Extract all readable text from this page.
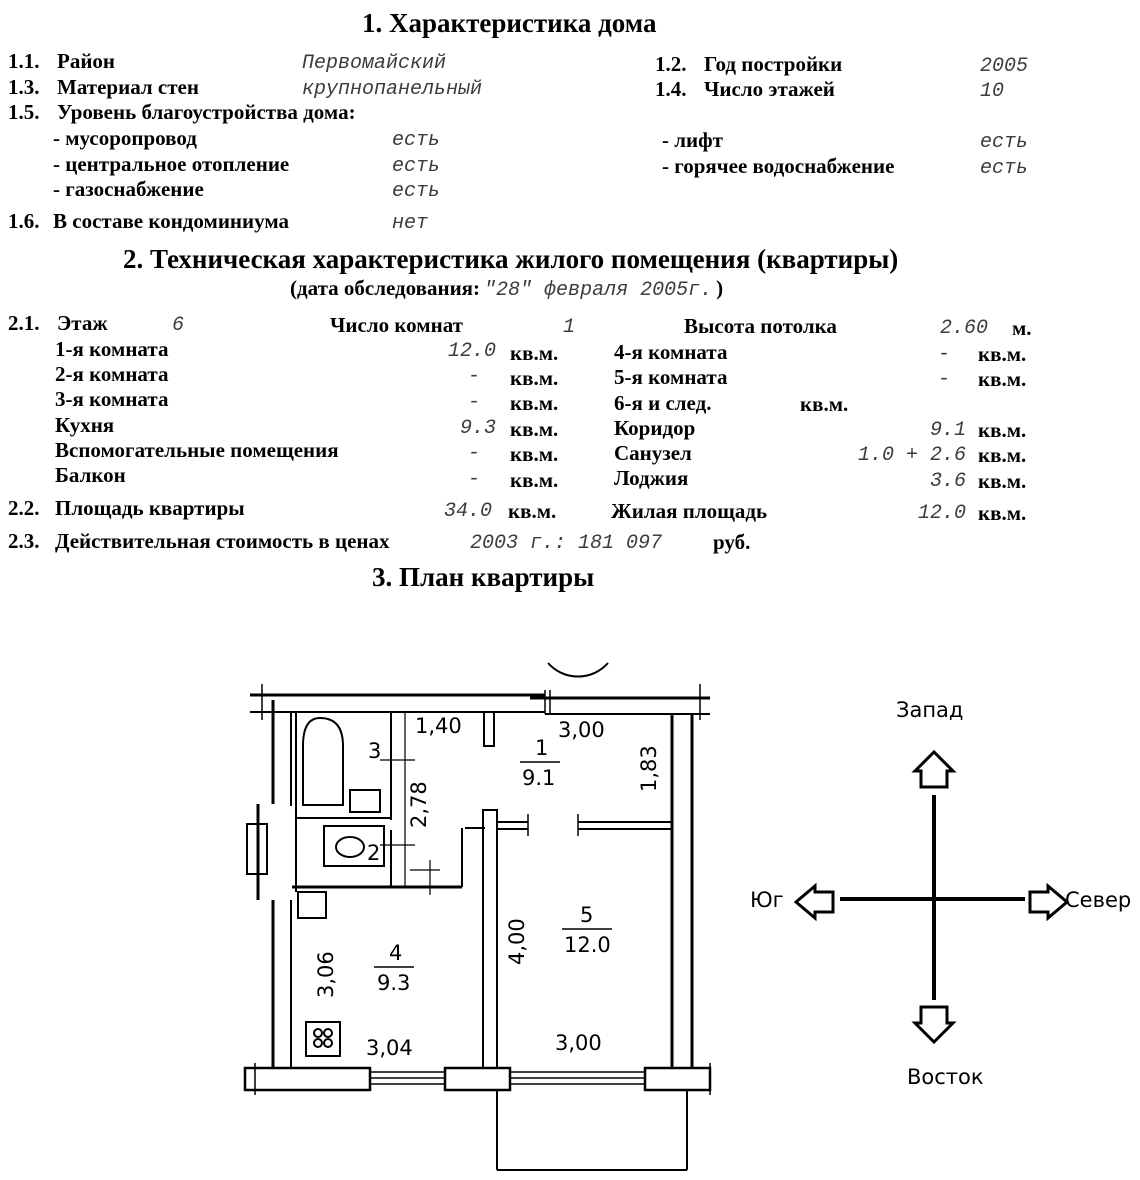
1. Характеристика дома
1.1. Район	Первомайский	1.2. Год постройки	2005
1.3. Материал стен	крупнопанельный	1.4. Число этажей	10
1.5. Уровень благоустройства дома:
- мусоропровод	есть	- лифт	есть
- центральное отопление	есть	- горячее водоснабжение	есть
- газоснабжение	есть
1.6. В составе кондоминиума	нет
2. Техническая характеристика жилого помещения (квартиры)
(дата обследования: "28" февраля 2005г. )
2.1. Этаж	6	Число комнат	1	Высота потолка	2.60 м.
1-я комната	12.0 кв.м.
2-я комната	- кв.м.
3-я комната	- кв.м.
Кухня	9.3 кв.м.
Вспомогательные помещения	- кв.м.
Балкон	- кв.м.
4-я комната	- кв.м.
5-я комната	- кв.м.
6-я и след.	кв.м.
Коридор	9.1 кв.м.
Санузел	1.0 + 2.6 кв.м.
Лоджия	3.6 кв.м.
2.2. Площадь квартиры	34.0 кв.м.	Жилая площадь	12.0 кв.м.
2.3. Действительная стоимость в ценах	2003 г.: 181 097 руб.
3. План квартиры
1,40	3,00
1
9.1	1,83
3
2,78
2
4,00
5
12.0
4
9.3
3,06
3,04	3,00
Запад
Юг	Север
Восток
